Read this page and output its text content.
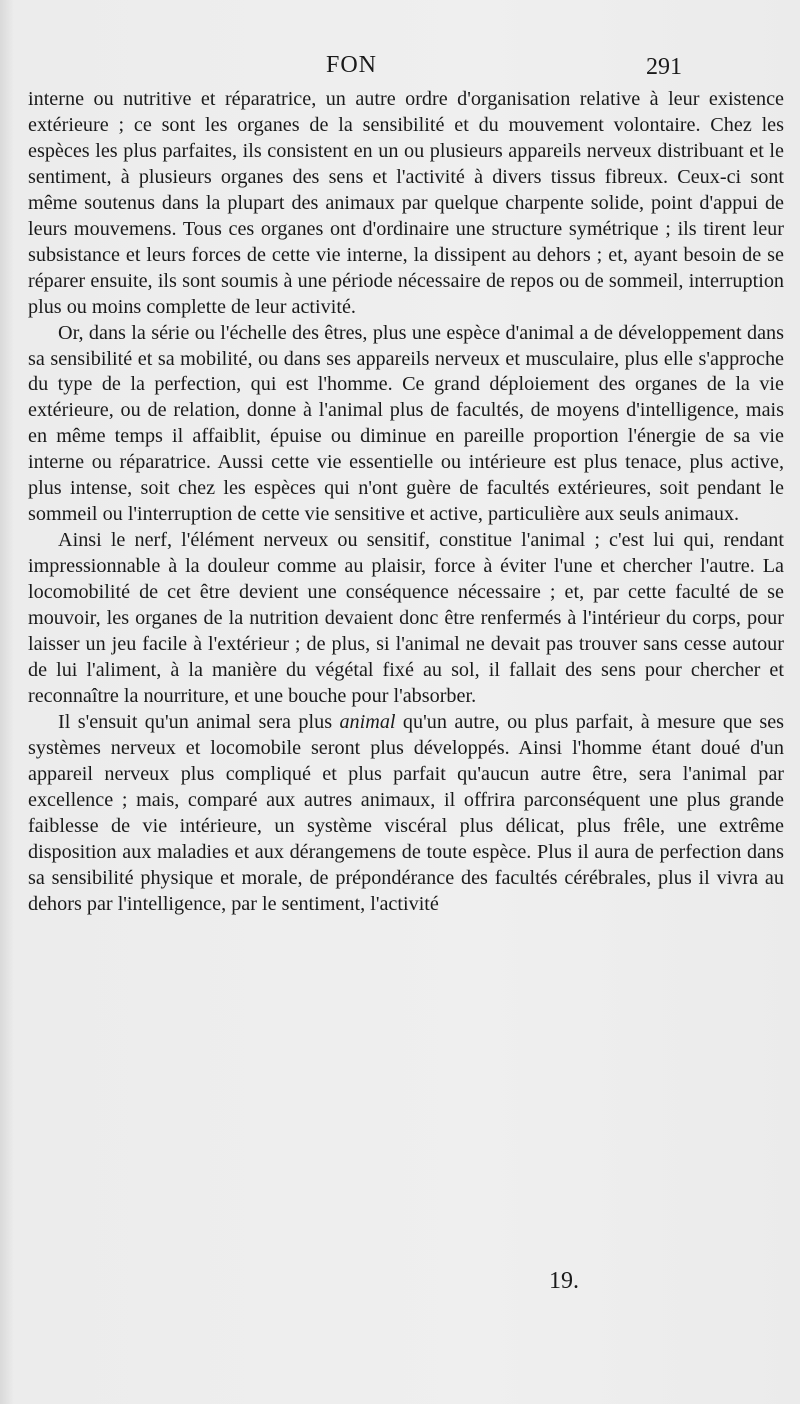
FON	291

interne ou nutritive et réparatrice, un autre ordre d'organisation relative à leur existence extérieure ; ce sont les organes de la sensibilité et du mouvement volontaire. Chez les espèces les plus parfaites, ils consistent en un ou plusieurs appareils nerveux distribuant et le sentiment, à plusieurs organes des sens et l'activité à divers tissus fibreux. Ceux-ci sont même soutenus dans la plupart des animaux par quelque charpente solide, point d'appui de leurs mouvemens. Tous ces organes ont d'ordinaire une structure symétrique ; ils tirent leur subsistance et leurs forces de cette vie interne, la dissipent au dehors ; et, ayant besoin de se réparer ensuite, ils sont soumis à une période nécessaire de repos ou de sommeil, interruption plus ou moins complette de leur activité.

Or, dans la série ou l'échelle des êtres, plus une espèce d'animal a de développement dans sa sensibilité et sa mobilité, ou dans ses appareils nerveux et musculaire, plus elle s'approche du type de la perfection, qui est l'homme. Ce grand déploiement des organes de la vie extérieure, ou de relation, donne à l'animal plus de facultés, de moyens d'intelligence, mais en même temps il affaiblit, épuise ou diminue en pareille proportion l'énergie de sa vie interne ou réparatrice. Aussi cette vie essentielle ou intérieure est plus tenace, plus active, plus intense, soit chez les espèces qui n'ont guère de facultés extérieures, soit pendant le sommeil ou l'interruption de cette vie sensitive et active, particulière aux seuls animaux.

Ainsi le nerf, l'élément nerveux ou sensitif, constitue l'animal ; c'est lui qui, rendant impressionnable à la douleur comme au plaisir, force à éviter l'une et chercher l'autre. La locomobilité de cet être devient une conséquence nécessaire ; et, par cette faculté de se mouvoir, les organes de la nutrition devaient donc être renfermés à l'intérieur du corps, pour laisser un jeu facile à l'extérieur ; de plus, si l'animal ne devait pas trouver sans cesse autour de lui l'aliment, à la manière du végétal fixé au sol, il fallait des sens pour chercher et reconnaître la nourriture, et une bouche pour l'absorber.

Il s'ensuit qu'un animal sera plus animal qu'un autre, ou plus parfait, à mesure que ses systèmes nerveux et locomobile seront plus développés. Ainsi l'homme étant doué d'un appareil nerveux plus compliqué et plus parfait qu'aucun autre être, sera l'animal par excellence ; mais, comparé aux autres animaux, il offrira parconséquent une plus grande faiblesse de vie intérieure, un système viscéral plus délicat, plus frêle, une extrême disposition aux maladies et aux dérangemens de toute espèce. Plus il aura de perfection dans sa sensibilité physique et morale, de prépondérance des facultés cérébrales, plus il vivra au dehors par l'intelligence, par le sentiment, l'activité

19.
